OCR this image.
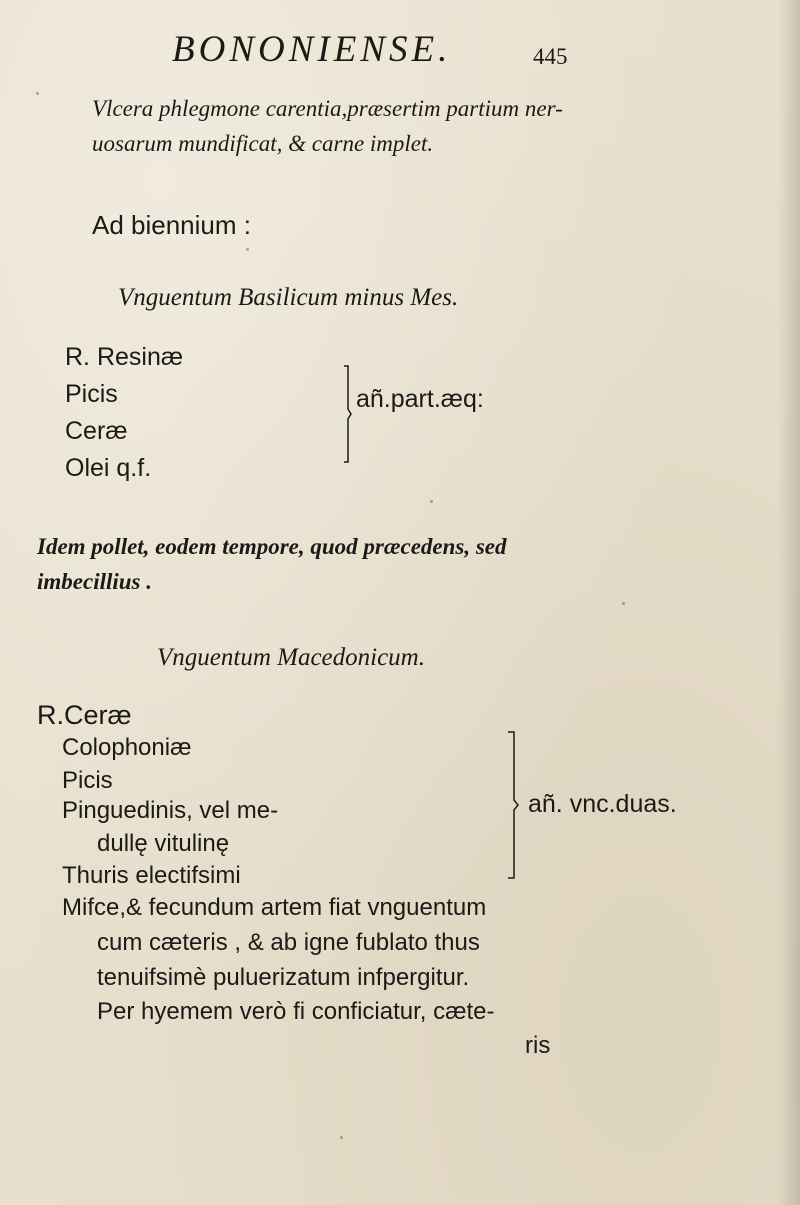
BONONIENSE.	445
Vlcera phlegmone carentia,præsertim partium ner-
uosarum mundificat, & carne implet.
Ad biennium :
Vnguentum Basilicum minus Mes.
R. Resinæ
Picis
Ceræ
Olei q.f.
añ.part.æq:
Idem pollet, eodem tempore, quod præcedens, sed
imbecillius .
Vnguentum Macedonicum.
R.Ceræ
Colophoniæ
Picis
Pinguedinis, vel me-
dullę vitulinę
Thuris electifsimi
añ. vnc.duas.
Mifce,& fecundum artem fiat vnguentum
cum cæteris , & ab igne fublato thus
tenuifsimè puluerizatum infpergitur.
Per hyemem verò fi conficiatur, cæte-
ris
